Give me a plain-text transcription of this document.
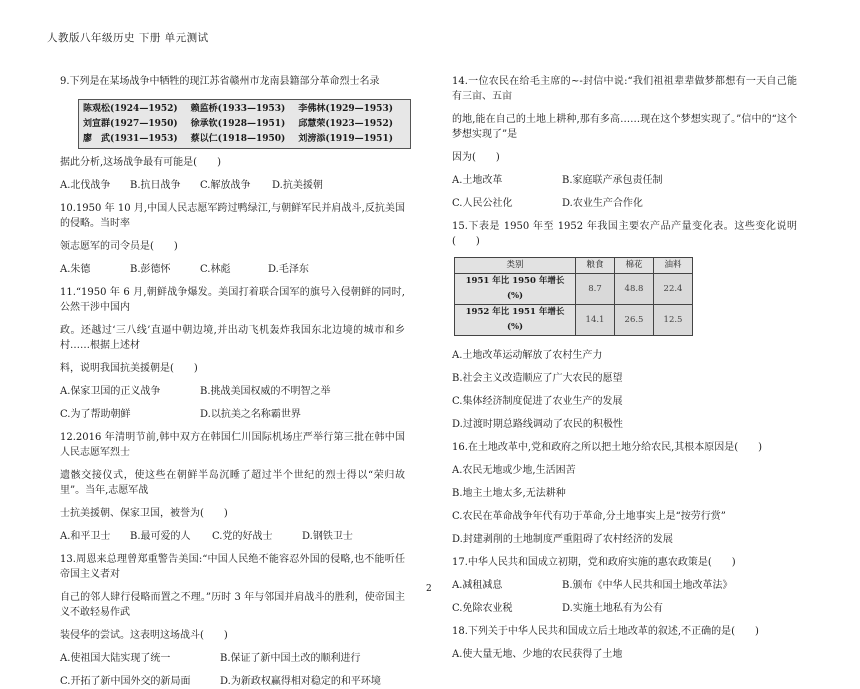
人教版八年级历史 下册 单元测试

9.下列是在某场战争中牺牲的现江苏省赣州市龙南县籍部分革命烈士名录

陈观松 (1924—1952) 赖监桥 (1933—1953) 李佛林 (1929—1953)
刘宣群 (1927—1950) 徐承钦 (1928—1951) 邱慧荣 (1923—1952)
廖　武 (1931—1953) 蔡以仁 (1918—1950) 刘滂添 (1919—1951)

据此分析,这场战争最有可能是(　　)

A.北伐战争	B.抗日战争	C.解放战争	D.抗美援朝

10.1950 年 10 月,中国人民志愿军跨过鸭绿江,与朝鲜军民并肩战斗,反抗美国的侵略。当时率

领志愿军的司令员是(　　)

A.朱德	B.彭德怀	C.林彪	D.毛泽东

11.“1950 年 6 月,朝鲜战争爆发。美国打着联合国军的旗号入侵朝鲜的同时,公然干涉中国内

政。还越过‘三八线’直逼中朝边境,并出动飞机轰炸我国东北边境的城市和乡村……根据上述材

料，说明我国抗美援朝是(　　)

A.保家卫国的正义战争	B.挑战美国权威的不明智之举
C.为了帮助朝鲜	D.以抗美之名称霸世界

12.2016 年清明节前,韩中双方在韩国仁川国际机场庄严举行第三批在韩中国人民志愿军烈士

遗骸交接仪式，使这些在朝鲜半岛沉睡了超过半个世纪的烈士得以“荣归故里”。当年,志愿军战

士抗美援朝、保家卫国，被誉为(　　)

A.和平卫士	B.最可爱的人	C.党的好战士	D.钢铁卫士

13.周恩来总理曾郑重警告美国:“中国人民绝不能容忍外国的侵略,也不能听任帝国主义者对

自己的邻人肆行侵略而置之不理。”历时 3 年与邻国并肩战斗的胜利，使帝国主义不敢轻易作武

装侵华的尝试。这表明这场战斗(　　)

A.使祖国大陆实现了统一	B.保证了新中国土改的顺利进行
C.开拓了新中国外交的新局面	D.为新政权赢得相对稳定的和平环境

14.一位农民在给毛主席的~-封信中说:“我们祖祖辈辈做梦都想有一天自己能有三亩、五亩

的地,能在自己的土地上耕种,那有多高……现在这个梦想实现了。”信中的“这个梦想实现了”是

因为(　　)

A.土地改革	B.家庭联产承包责任制
C.人民公社化	D.农业生产合作化

15.下表是 1950 年至 1952 年我国主要农产品产量变化表。这些变化说明(　　)

类别	粮食	棉花	油料
1951 年比 1950 年增长(%)	8.7	48.8	22.4
1952 年比 1951 年增长(%)	14.1	26.5	12.5

A.土地改革运动解放了农村生产力

B.社会主义改造顺应了广大农民的愿望

C.集体经济制度促进了农业生产的发展

D.过渡时期总路线调动了农民的积极性

16.在土地改革中,党和政府之所以把土地分给农民,其根本原因是(　　)

A.农民无地或少地,生活困苦

B.地主土地太多,无法耕种

C.农民在革命战争年代有功于革命,分土地事实上是“按劳行赏”

D.封建剥削的土地制度严重阻碍了农村经济的发展

17.中华人民共和国成立初期，党和政府实施的惠农政策是(　　)

A.减租减息	B.颁布《中华人民共和国土地改革法》
C.免除农业税	D.实施土地私有为公有

18.下列关于中华人民共和国成立后土地改革的叙述,不正确的是(　　)

A.使大量无地、少地的农民获得了土地

2
